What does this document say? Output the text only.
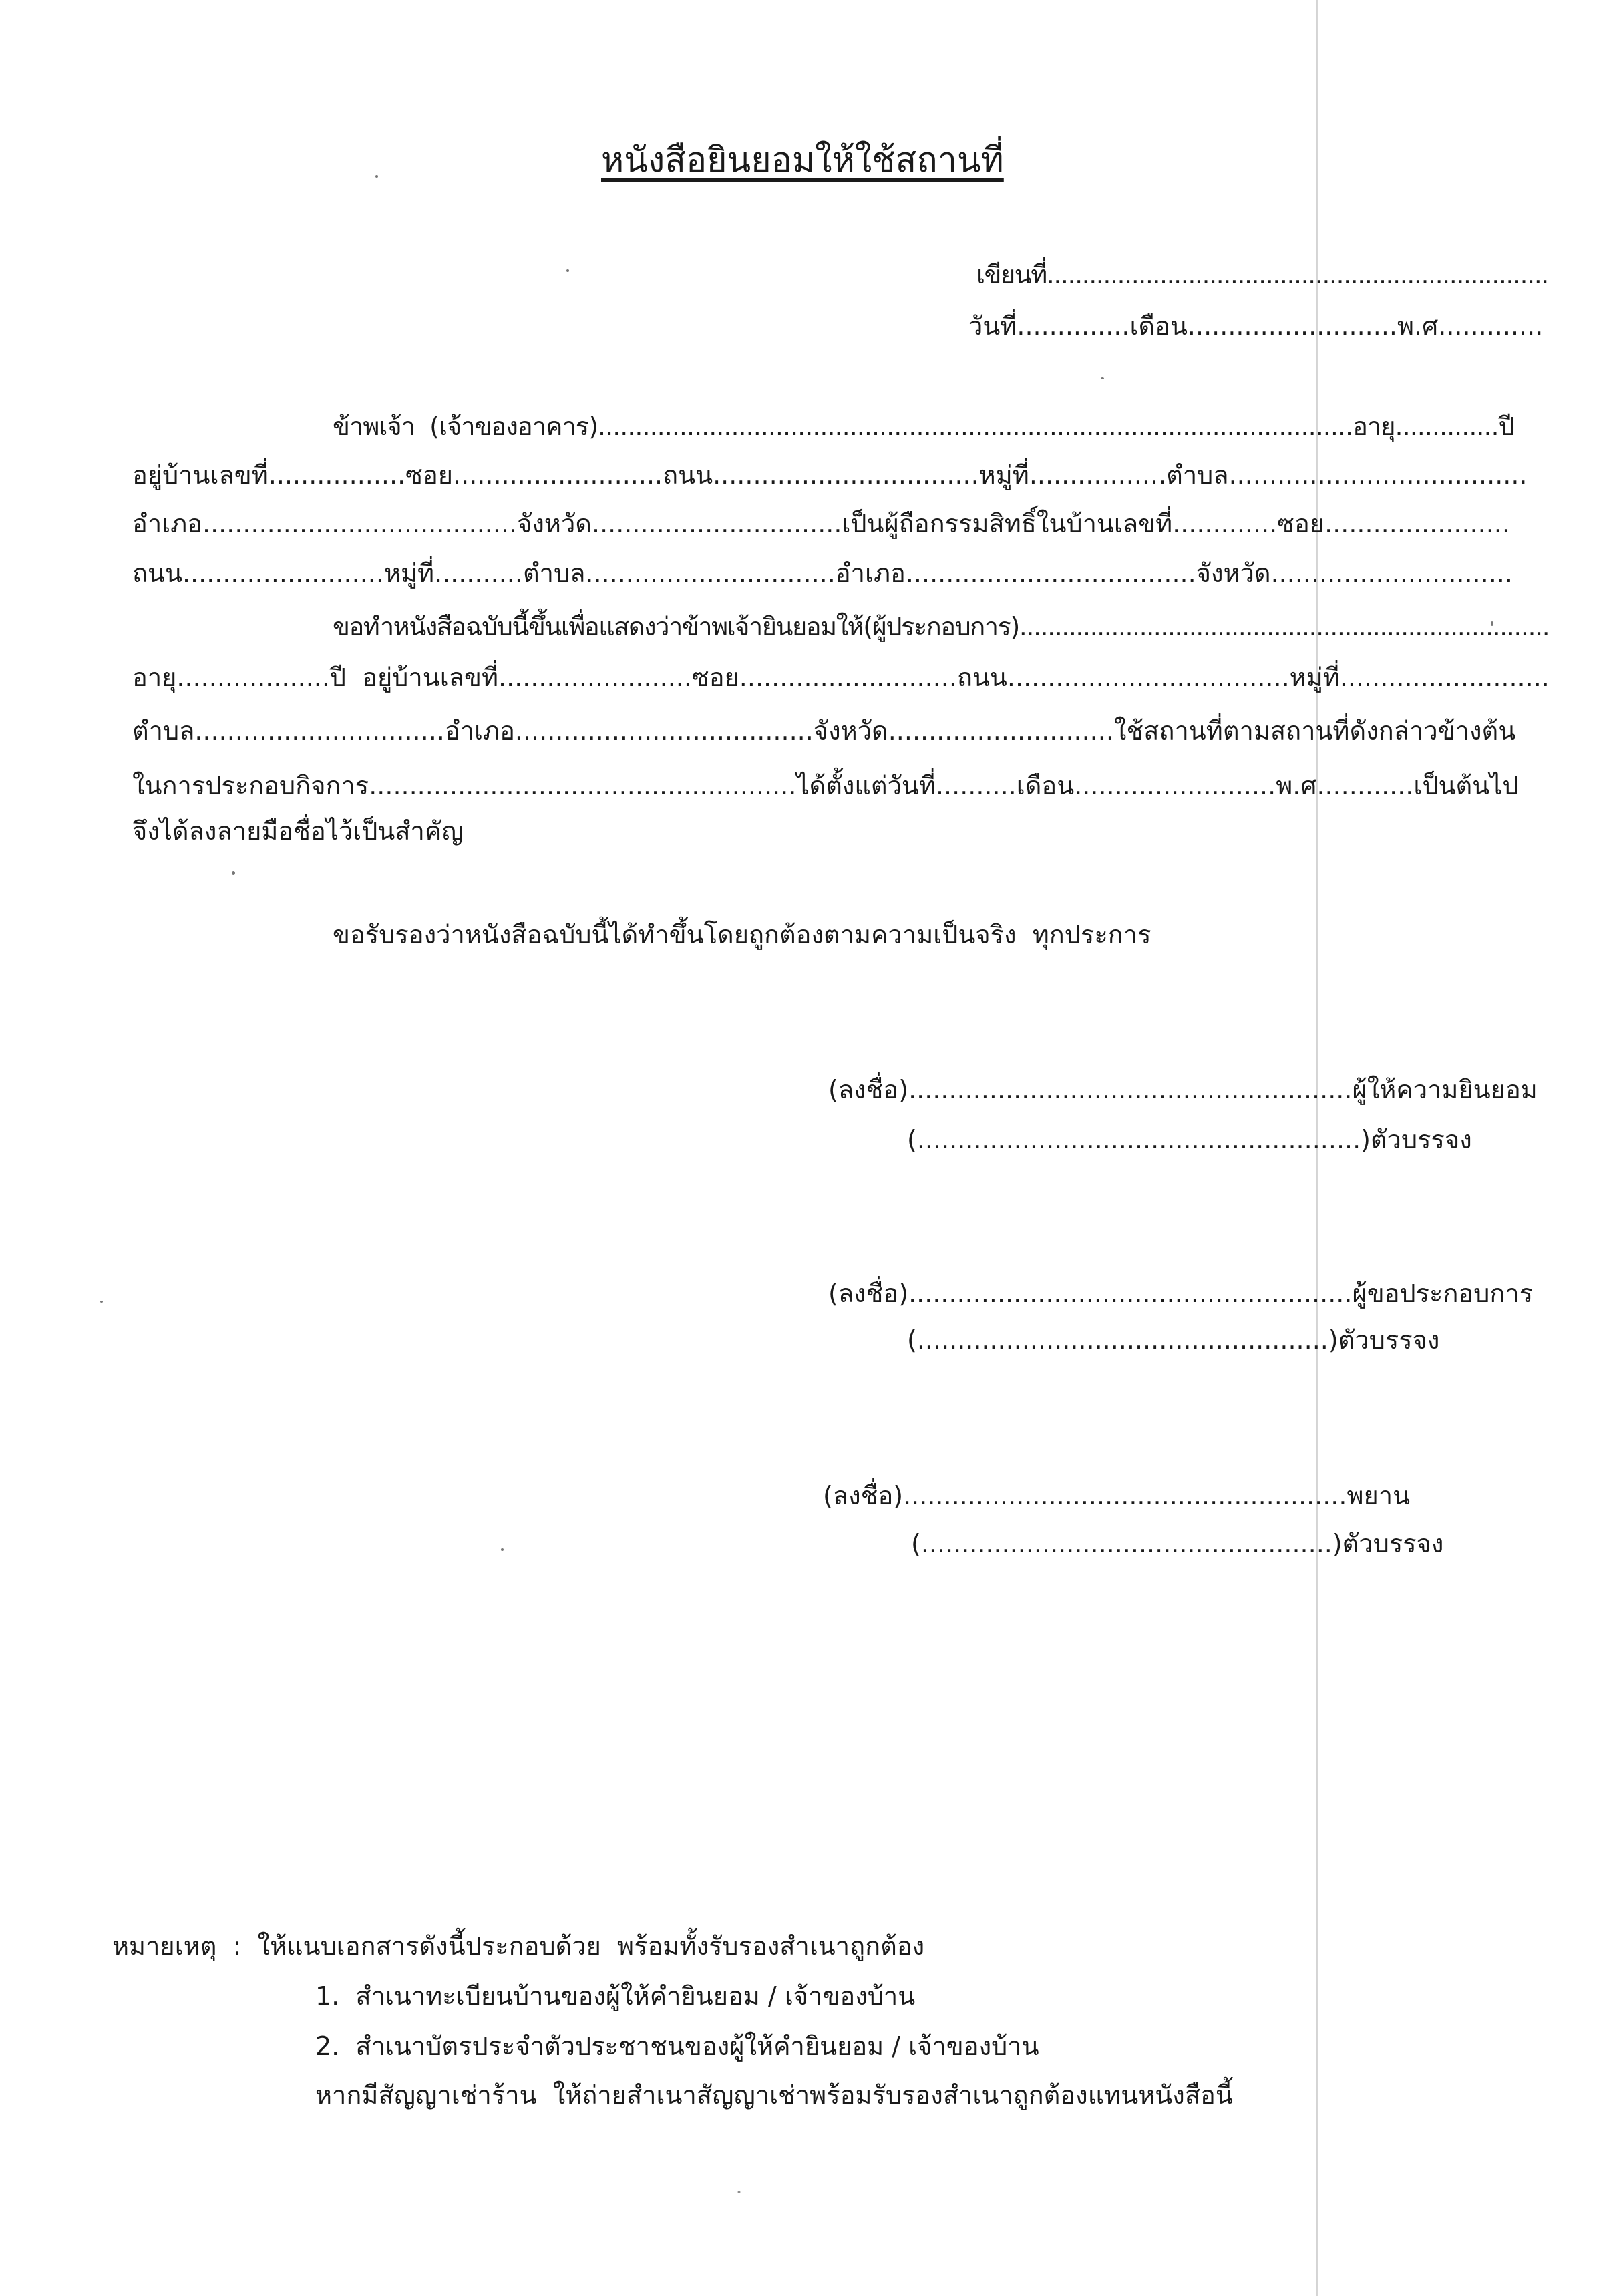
หนังสือยินยอมให้ใช้สถานที่
เขียนที่.......................................................................
วันที่..............เดือน..........................พ.ศ.............
ข้าพเจ้า  (เจ้าของอาคาร)......................................................................................................อายุ..............ปี
อยู่บ้านเลขที่.................ซอย..........................ถนน.................................หมู่ที่.................ตำบล.....................................
อำเภอ.......................................จังหวัด...............................เป็นผู้ถือกรรมสิทธิ์ในบ้านเลขที่.............ซอย.......................
ถนน.........................หมู่ที่...........ตำบล...............................อำเภอ....................................จังหวัด..............................
ขอทำหนังสือฉบับนี้ขึ้นเพื่อแสดงว่าข้าพเจ้ายินยอมให้(ผู้ประกอบการ)...........................................................................
อายุ...................ปี  อยู่บ้านเลขที่........................ซอย...........................ถนน...................................หมู่ที่..........................
ตำบล...............................อำเภอ.....................................จังหวัด............................ใช้สถานที่ตามสถานที่ดังกล่าวข้างต้น
ในการประกอบกิจการ.....................................................ได้ตั้งแต่วันที่..........เดือน.........................พ.ศ............เป็นต้นไป
จึงได้ลงลายมือชื่อไว้เป็นสำคัญ
ขอรับรองว่าหนังสือฉบับนี้ได้ทำขึ้นโดยถูกต้องตามความเป็นจริง  ทุกประการ
(ลงชื่อ).......................................................ผู้ให้ความยินยอม
(.......................................................)ตัวบรรจง
(ลงชื่อ).......................................................ผู้ขอประกอบการ
(...................................................)ตัวบรรจง
(ลงชื่อ).......................................................พยาน
(...................................................)ตัวบรรจง
หมายเหตุ  :  ให้แนบเอกสารดังนี้ประกอบด้วย  พร้อมทั้งรับรองสำเนาถูกต้อง
1.  สำเนาทะเบียนบ้านของผู้ให้คำยินยอม / เจ้าของบ้าน
2.  สำเนาบัตรประจำตัวประชาชนของผู้ให้คำยินยอม / เจ้าของบ้าน
หากมีสัญญาเช่าร้าน  ให้ถ่ายสำเนาสัญญาเช่าพร้อมรับรองสำเนาถูกต้องแทนหนังสือนี้
